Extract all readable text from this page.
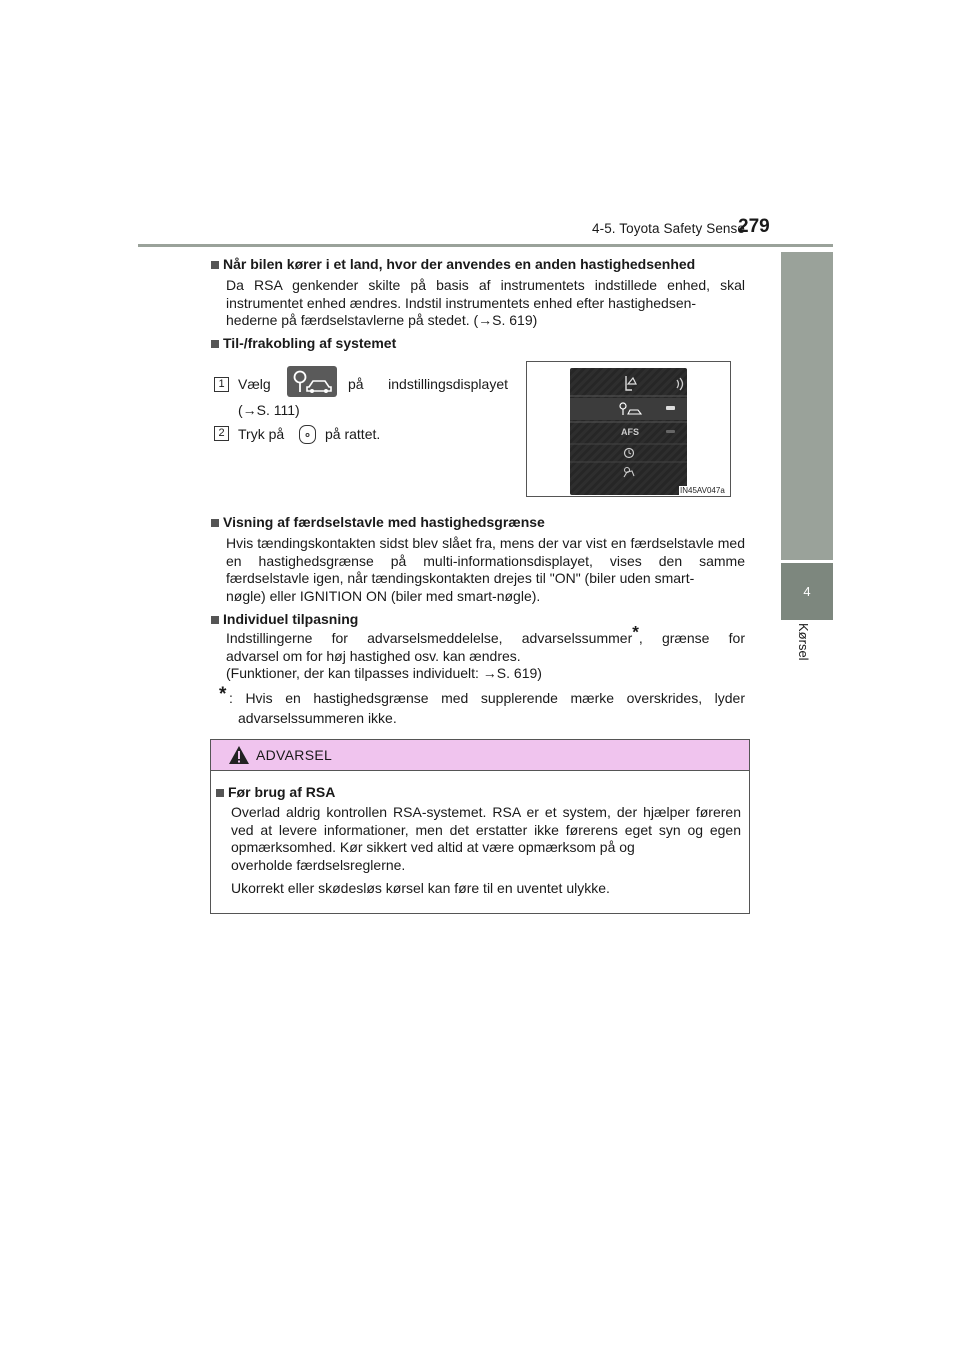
4-5. Toyota Safety Sense
279
4
Kørsel
Når bilen kører i et land, hvor der anvendes en anden hastighedsenhed
Da RSA genkender skilte på basis af instrumentets indstillede enhed, skal instrumentet enhed ændres. Indstil instrumentets enhed efter hastighedsen-
hederne på færdselstavlerne på stedet. (→S. 619)
Til-/frakobling af systemet
1 Vælg	på indstillingsdisplayet
(→S. 111)
2 Tryk på	på rattet.	AFS
IN45AV047a
Visning af færdselstavle med hastighedsgrænse
Hvis tændingskontakten sidst blev slået fra, mens der var vist en færdselstavle med en hastighedsgrænse på multi-informationsdisplayet, vises den samme færdselstavle igen, når tændingskontakten drejes til "ON" (biler uden smart-
nøgle) eller IGNITION ON (biler med smart-nøgle).
Individuel tilpasning
Indstillingerne for advarselsmeddelelse, advarselssummer*, grænse for
advarsel om for høj hastighed osv. kan ændres.
(Funktioner, der kan tilpasses individuelt: →S. 619)
* : Hvis en hastighedsgrænse med supplerende mærke overskrides, lyder
advarselssummeren ikke.
ADVARSEL
Før brug af RSA
Overlad aldrig kontrollen RSA-systemet. RSA er et system, der hjælper føreren ved at levere informationer, men det erstatter ikke førerens eget syn og egen opmærksomhed. Kør sikkert ved altid at være opmærksom på og
overholde færdselsreglerne.
Ukorrekt eller skødesløs kørsel kan føre til en uventet ulykke.
